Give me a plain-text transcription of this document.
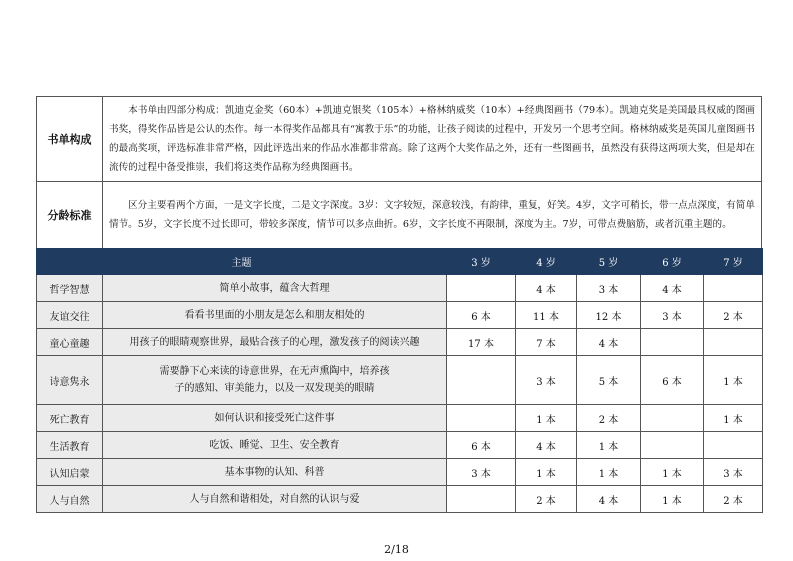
书单构成	本书单由四部分构成：凯迪克金奖（60本）+凯迪克银奖（105本）+格林纳威奖（10本）+经典图画书（79本）。凯迪克奖是美国最具权威的图画书奖，得奖作品皆是公认的杰作。每一本得奖作品都具有“寓教于乐”的功能，让孩子阅读的过程中，开发另一个思考空间。格林纳威奖是英国儿童图画书的最高奖项，评选标准非常严格，因此评选出来的作品水准都非常高。除了这两个大奖作品之外，还有一些图画书，虽然没有获得这两项大奖，但是却在流传的过程中备受推崇，我们将这类作品称为经典图画书。
分龄标准	区分主要看两个方面，一是文字长度，二是文字深度。3岁：文字较短，深意较浅，有韵律，重复，好笑。4岁，文字可稍长，带一点点深度，有简单情节。5岁，文字长度不过长即可，带较多深度，情节可以多点曲折。6岁，文字长度不再限制，深度为主。7岁，可带点费脑筋，或者沉重主题的。
主题		3 岁	4 岁	5 岁	6 岁	7 岁
哲学智慧	简单小故事，蕴含大哲理		4 本	3 本	4 本	
友谊交往	看看书里面的小朋友是怎么和朋友相处的	6 本	11 本	12 本	3 本	2 本
童心童趣	用孩子的眼睛观察世界，最贴合孩子的心理，激发孩子的阅读兴趣	17 本	7 本	4 本		
诗意隽永	需要静下心来读的诗意世界，在无声熏陶中，培养孩子的感知、审美能力，以及一双发现美的眼睛		3 本	5 本	6 本	1 本
死亡教育	如何认识和接受死亡这件事		1 本	2 本		1 本
生活教育	吃饭、睡觉、卫生、安全教育	6 本	4 本	1 本		
认知启蒙	基本事物的认知、科普	3 本	1 本	1 本	1 本	3 本
人与自然	人与自然和谐相处，对自然的认识与爱		2 本	4 本	1 本	2 本
2/18
